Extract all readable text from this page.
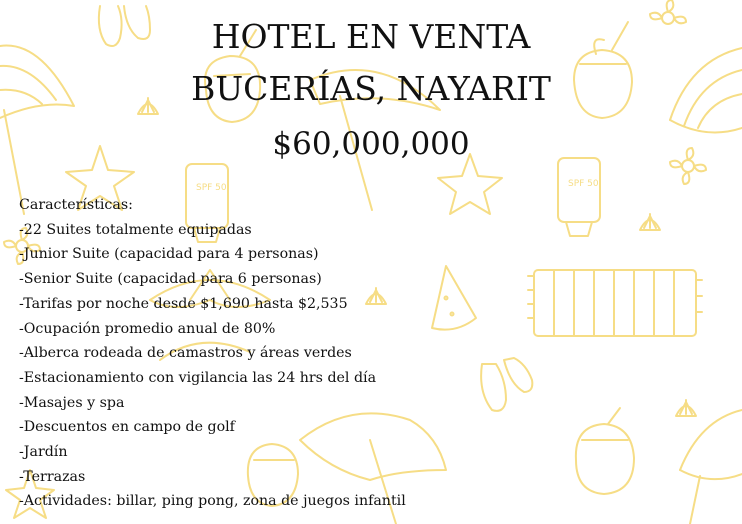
SPF 50	SPF 50
HOTEL EN VENTA
BUCERÍAS, NAYARIT
$60,000,000
Características:
-22 Suites totalmente equipadas
-Junior Suite (capacidad para 4 personas)
-Senior Suite (capacidad para 6 personas)
-Tarifas por noche desde $1,690 hasta $2,535
-Ocupación promedio anual de 80%
-Alberca rodeada de camastros y áreas verdes
-Estacionamiento con vigilancia las 24 hrs del día
-Masajes y spa
-Descuentos en campo de golf
-Jardín
-Terrazas
-Actividades: billar, ping pong, zona de juegos infantil
